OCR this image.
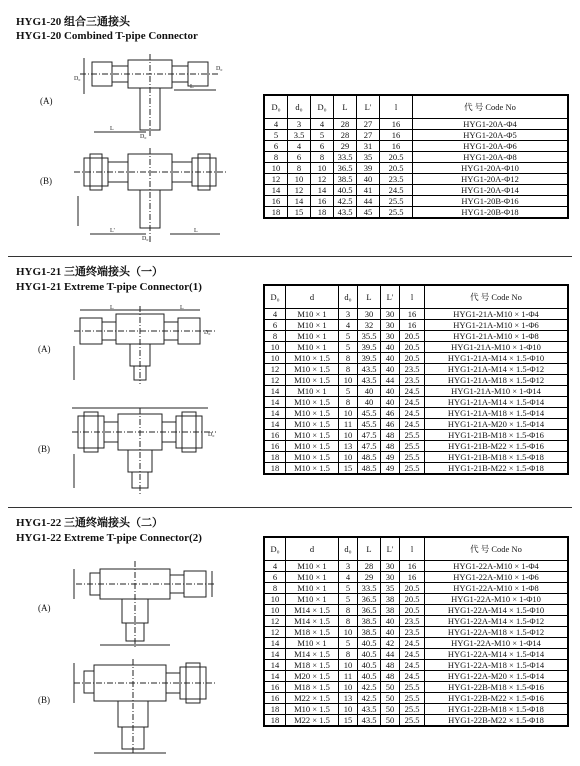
HYG1-20 组合三通接头
HYG1-20 Combined T-pipe Connector
(A)
(B)
D₀
D₀
D₀
L
L
D₀
L'	L
D₀	d₀	D₀	L	L'	l	代 号 Code No
4	3	4	28	27	16	HYG1-20A-Φ4
5	3.5	5	28	27	16	HYG1-20A-Φ5
6	4	6	29	31	16	HYG1-20A-Φ6
8	6	8	33.5	35	20.5	HYG1-20A-Φ8
10	8	10	36.5	39	20.5	HYG1-20A-Φ10
12	10	12	38.5	40	23.5	HYG1-20A-Φ12
14	12	14	40.5	41	24.5	HYG1-20A-Φ14
16	14	16	42.5	44	25.5	HYG1-20B-Φ16
18	15	18	43.5	45	25.5	HYG1-20B-Φ18
HYG1-21 三通终端接头（一）
HYG1-21 Extreme T-pipe Connector(1)
(A)
(B)
L	L
D₀
D₀
D₀	d	d₀	L	L'	l	代 号 Code No
4	M10 × 1	3	30	30	16	HYG1-21A-M10 × 1-Φ4
6	M10 × 1	4	32	30	16	HYG1-21A-M10 × 1-Φ6
8	M10 × 1	5	35.5	30	20.5	HYG1-21A-M10 × 1-Φ8
10	M10 × 1	5	39.5	40	20.5	HYG1-21A-M10 × 1-Φ10
10	M10 × 1.5	8	39.5	40	20.5	HYG1-21A-M14 × 1.5-Φ10
12	M10 × 1.5	8	43.5	40	23.5	HYG1-21A-M14 × 1.5-Φ12
12	M10 × 1.5	10	43.5	44	23.5	HYG1-21A-M18 × 1.5-Φ12
14	M10 × 1	5	40	40	24.5	HYG1-21A-M10 × 1-Φ14
14	M10 × 1.5	8	40	40	24.5	HYG1-21A-M14 × 1.5-Φ14
14	M10 × 1.5	10	45.5	46	24.5	HYG1-21A-M18 × 1.5-Φ14
14	M10 × 1.5	11	45.5	46	24.5	HYG1-21A-M20 × 1.5-Φ14
16	M10 × 1.5	10	47.5	48	25.5	HYG1-21B-M18 × 1.5-Φ16
16	M10 × 1.5	13	47.5	48	25.5	HYG1-21B-M22 × 1.5-Φ16
18	M10 × 1.5	10	48.5	49	25.5	HYG1-21B-M18 × 1.5-Φ18
18	M10 × 1.5	15	48.5	49	25.5	HYG1-21B-M22 × 1.5-Φ18
HYG1-22 三通终端接头（二）
HYG1-22 Extreme T-pipe Connector(2)
(A)
(B)
D₀	d	d₀	L	L'	l	代 号 Code No
4	M10 × 1	3	28	30	16	HYG1-22A-M10 × 1-Φ4
6	M10 × 1	4	29	30	16	HYG1-22A-M10 × 1-Φ6
8	M10 × 1	5	33.5	35	20.5	HYG1-22A-M10 × 1-Φ8
10	M10 × 1	5	36.5	38	20.5	HYG1-22A-M10 × 1-Φ10
10	M14 × 1.5	8	36.5	38	20.5	HYG1-22A-M14 × 1.5-Φ10
12	M14 × 1.5	8	38.5	40	23.5	HYG1-22A-M14 × 1.5-Φ12
12	M18 × 1.5	10	38.5	40	23.5	HYG1-22A-M18 × 1.5-Φ12
14	M10 × 1	5	40.5	42	24.5	HYG1-22A-M10 × 1-Φ14
14	M14 × 1.5	8	40.5	44	24.5	HYG1-22A-M14 × 1.5-Φ14
14	M18 × 1.5	10	40.5	48	24.5	HYG1-22A-M18 × 1.5-Φ14
14	M20 × 1.5	11	40.5	48	24.5	HYG1-22A-M20 × 1.5-Φ14
16	M18 × 1.5	10	42.5	50	25.5	HYG1-22B-M18 × 1.5-Φ16
16	M22 × 1.5	13	42.5	50	25.5	HYG1-22B-M22 × 1.5-Φ16
18	M10 × 1.5	10	43.5	50	25.5	HYG1-22B-M18 × 1.5-Φ18
18	M22 × 1.5	15	43.5	50	25.5	HYG1-22B-M22 × 1.5-Φ18
